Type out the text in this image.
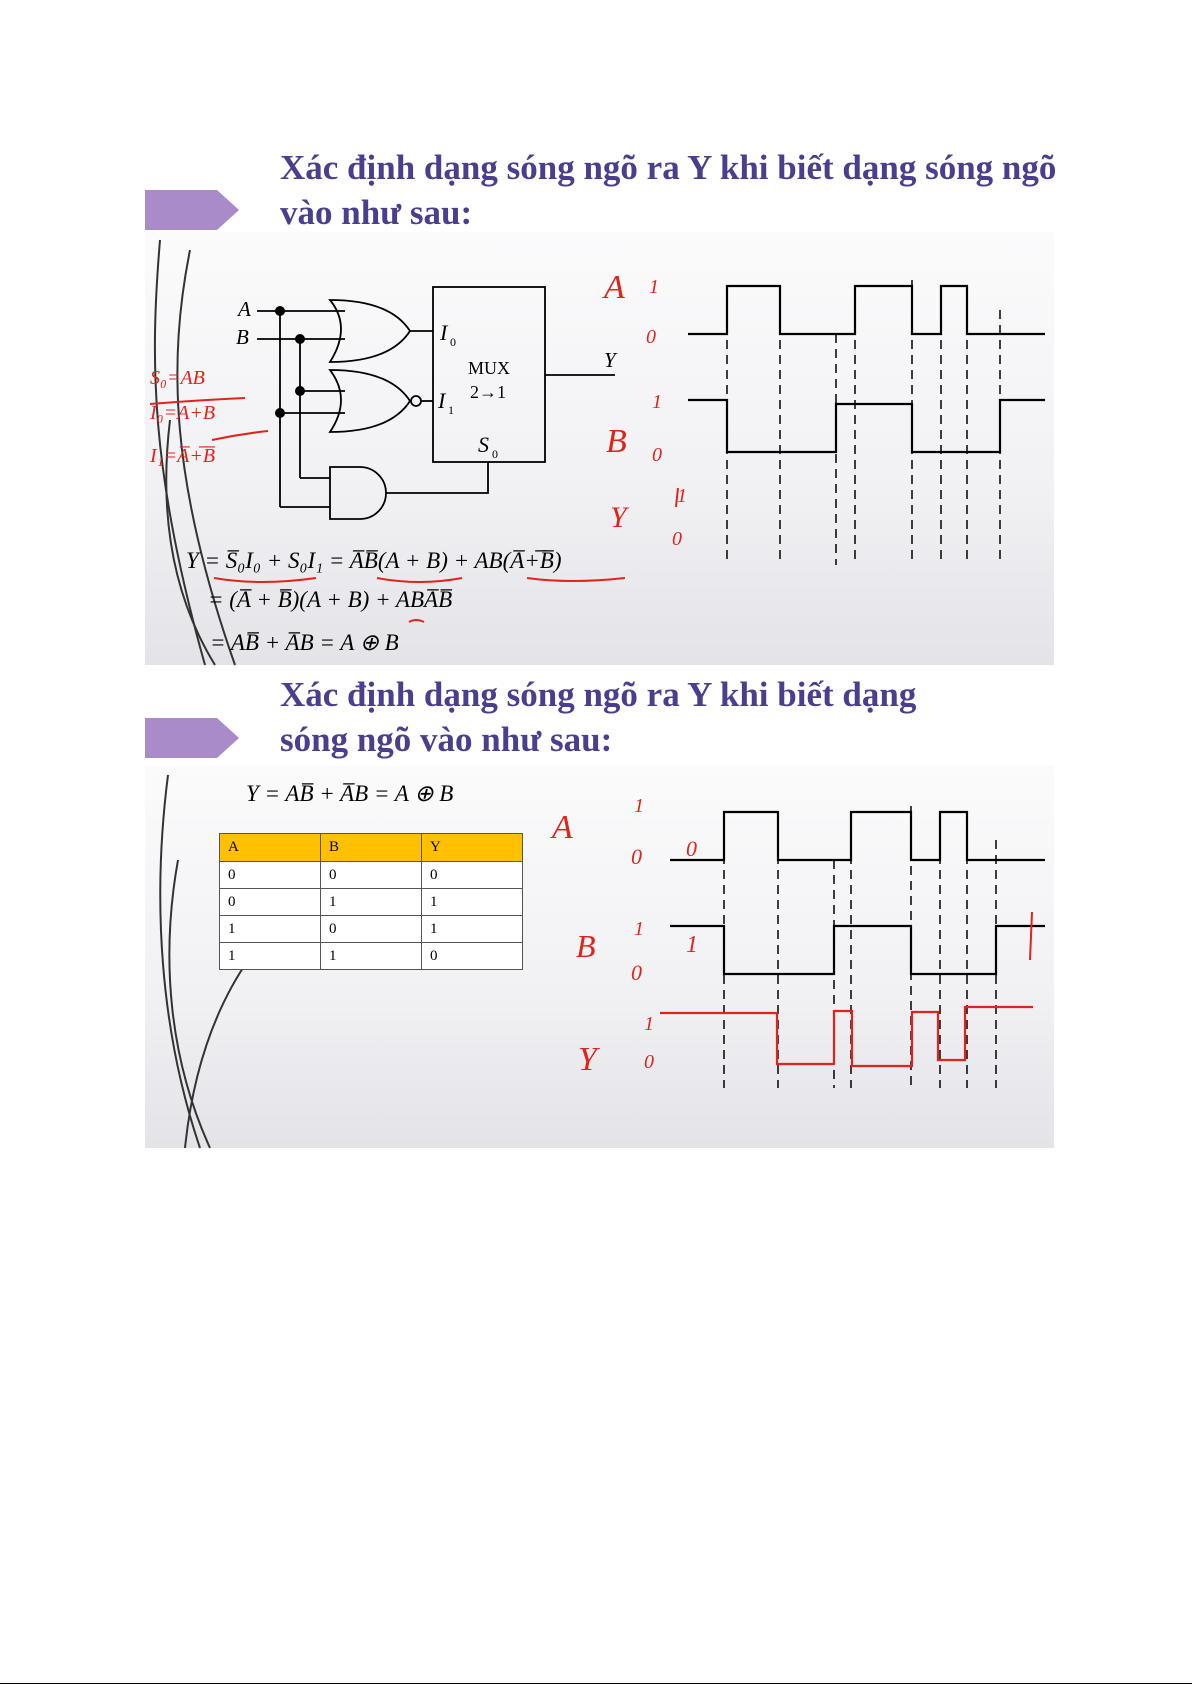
Xác định dạng sóng ngõ ra Y khi biết dạng sóng ngõ
vào như sau:
A
B	I 0
I 1
S 0
Y
MUX
2→1
Y = S̅₀I₀ + S₀I₁ = A̅B̅(A + B) + AB(A̅+̅B̅)
= (A̅ + B̅)(A + B) + ABA̅B̅
= AB̅ + A̅B = A ⊕ B
S₀=AB
I₀=A+B
I₁=A̅+̅B̅
A 1
0
1
B 0
Y
1
0
Xác định dạng sóng ngõ ra Y khi biết dạng
sóng ngõ vào như sau:
Y = AB̅ + A̅B = A ⊕ B
A
1
0 0
B 1
1
0
Y
1
0
A	B	Y
0	0	0
0	1	1
1	0	1
1	1	0
